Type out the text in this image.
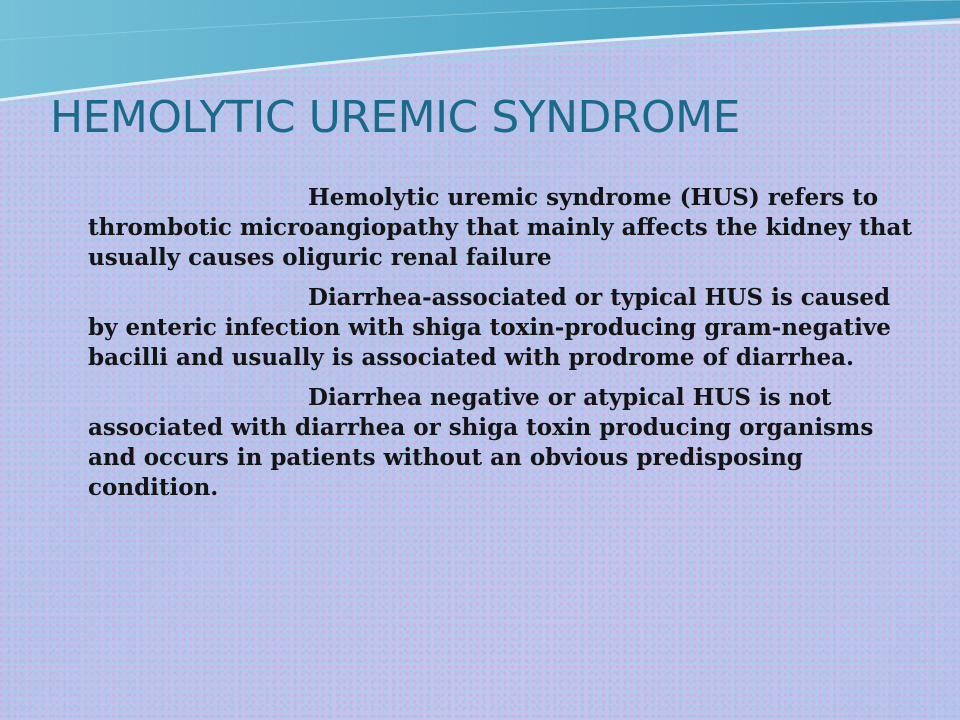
HEMOLYTIC UREMIC SYNDROME

Hemolytic uremic syndrome (HUS) refers to thrombotic microangiopathy that mainly affects the kidney that usually causes oliguric renal failure

Diarrhea-associated or typical HUS is caused by enteric infection with shiga toxin-producing gram-negative bacilli and usually is associated with prodrome of diarrhea.

Diarrhea negative or atypical HUS is not associated with diarrhea or shiga toxin producing organisms and occurs in patients without an obvious predisposing condition.
